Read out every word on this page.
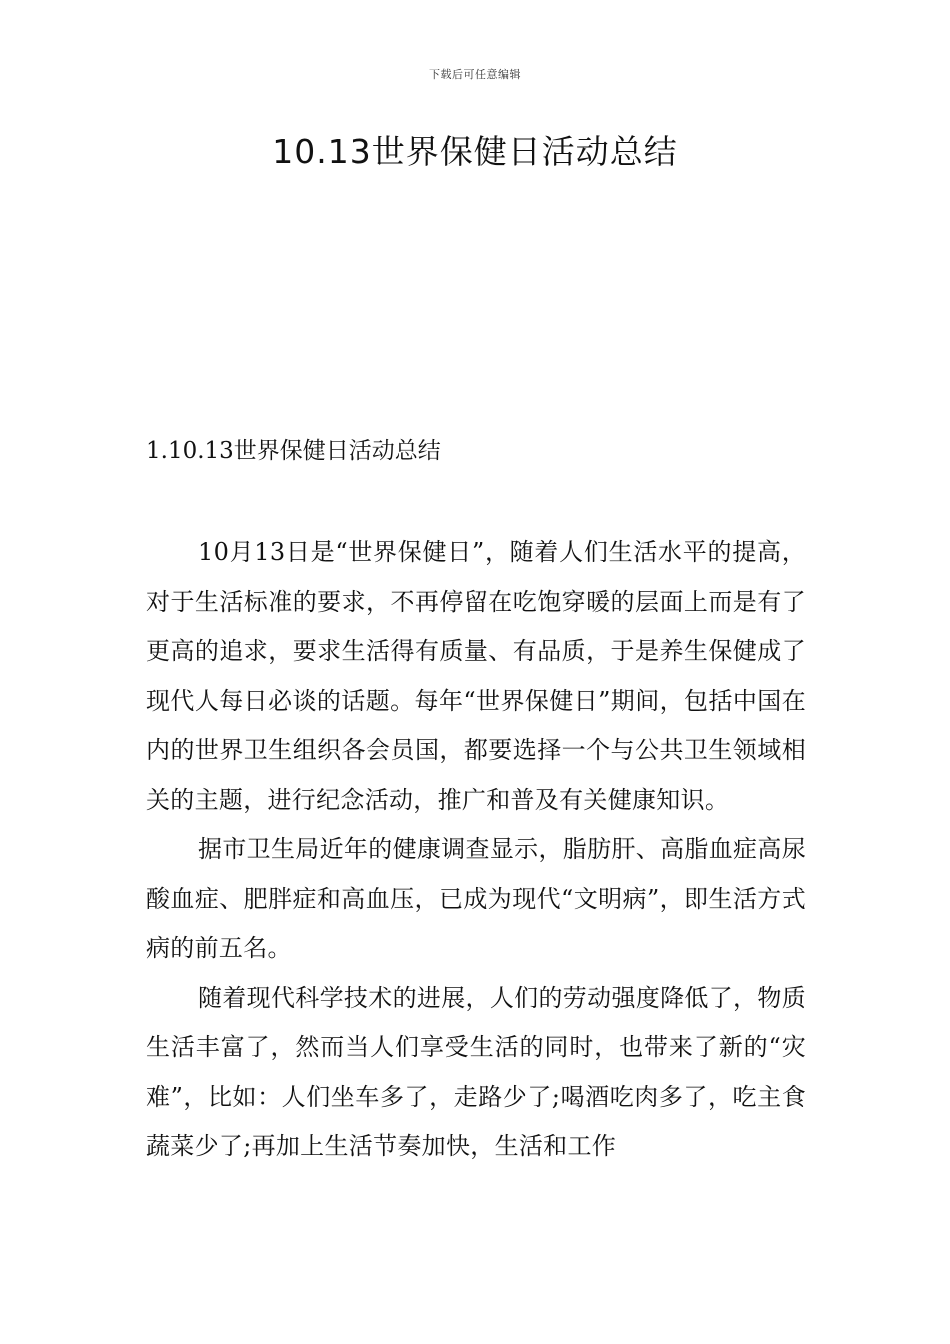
下载后可任意编辑
10.13世界保健日活动总结
1.10.13世界保健日活动总结

10月13日是“世界保健日”，随着人们生活水平的提高，对于生活标准的要求，不再停留在吃饱穿暖的层面上而是有了更高的追求，要求生活得有质量、有品质，于是养生保健成了现代人每日必谈的话题。每年“世界保健日”期间，包括中国在内的世界卫生组织各会员国，都要选择一个与公共卫生领域相关的主题，进行纪念活动，推广和普及有关健康知识。

据市卫生局近年的健康调查显示，脂肪肝、高脂血症高尿酸血症、肥胖症和高血压，已成为现代“文明病”，即生活方式病的前五名。

随着现代科学技术的进展，人们的劳动强度降低了，物质生活丰富了，然而当人们享受生活的同时，也带来了新的“灾难”，比如：人们坐车多了，走路少了;喝酒吃肉多了，吃主食蔬菜少了;再加上生活节奏加快，生活和工作
